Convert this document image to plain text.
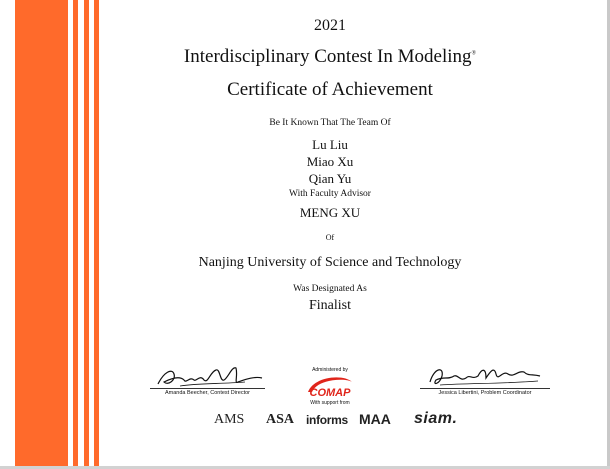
2021
Interdisciplinary Contest In Modeling®
Certificate of Achievement
Be It Known That The Team Of
Lu Liu
Miao Xu
Qian Yu
With Faculty Advisor
MENG XU
Of
Nanjing University of Science and Technology
Was Designated As
Finalist
Amanda Beecher, Contest Director
Administered by
COMAP
With support from
Jessica Libertini, Problem Coordinator
AMS ASA informs MAA siam.
